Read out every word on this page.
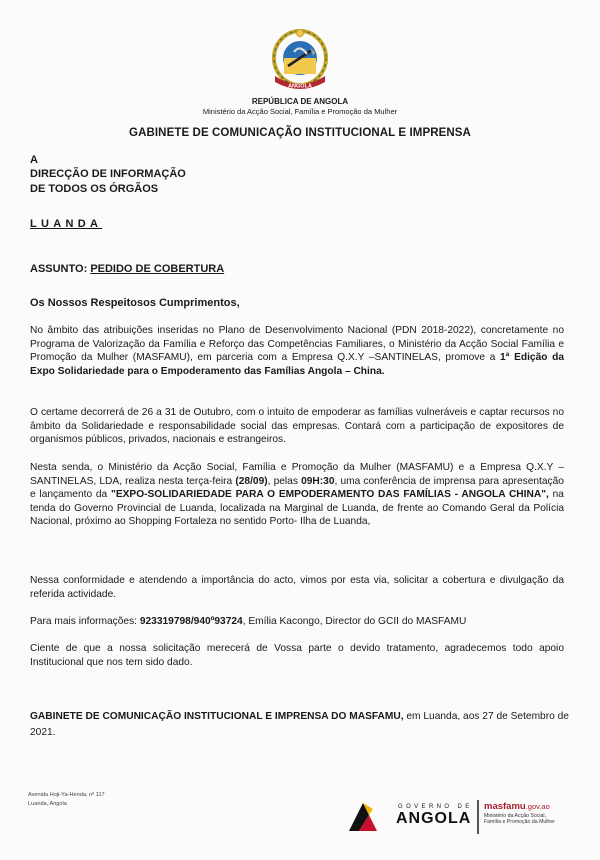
ANGOLA
REPÚBLICA DE ANGOLA
Ministério da Acção Social, Família e Promoção da Mulher
GABINETE DE COMUNICAÇÃO INSTITUCIONAL E IMPRENSA
A
DIRECÇÃO DE INFORMAÇÃO
DE TODOS OS ÓRGÃOS
LUANDA
ASSUNTO: PEDIDO DE COBERTURA
Os Nossos Respeitosos Cumprimentos,
No âmbito das atribuições inseridas no Plano de Desenvolvimento Nacional (PDN 2018-2022), concretamente no Programa de Valorização da Família e Reforço das Competências Familiares, o Ministério da Acção Social Família e Promoção da Mulher (MASFAMU), em parceria com a Empresa Q.X.Y –SANTINELAS, promove a 1ª Edição da Expo Solidariedade para o Empoderamento das Famílias Angola – China.
O certame decorrerá de 26 a 31 de Outubro, com o intuito de empoderar as famílias vulneráveis e captar recursos no âmbito da Solidariedade e responsabilidade social das empresas. Contará com a participação de expositores de organismos públicos, privados, nacionais e estrangeiros.
Nesta senda, o Ministério da Acção Social, Família e Promoção da Mulher (MASFAMU) e a Empresa Q.X.Y – SANTINELAS, LDA, realiza nesta terça-feira (28/09), pelas 09H:30, uma conferência de imprensa para apresentação e lançamento da "EXPO-SOLIDARIEDADE PARA O EMPODERAMENTO DAS FAMÍLIAS - ANGOLA CHINA", na tenda do Governo Provincial de Luanda, localizada na Marginal de Luanda, de frente ao Comando Geral da Polícia Nacional, próximo ao Shopping Fortaleza no sentido Porto- Ilha de Luanda,
Nessa conformidade e atendendo a importância do acto, vimos por esta via, solicitar a cobertura e divulgação da referida actividade.
Para mais informações: 923319798/940º93724, Emília Kacongo, Director do GCII do MASFAMU
Ciente de que a nossa solicitação merecerá de Vossa parte o devido tratamento, agradecemos todo apoio Institucional que nos tem sido dado.
GABINETE DE COMUNICAÇÃO INSTITUCIONAL E IMPRENSA DO MASFAMU, em Luanda, aos 27 de Setembro de 2021.
Avenida Hoji-Ya-Henda, nº 117
Luanda, Angola	GOVERNO DE
ANGOLA
masfamu.gov.ao
Ministério da Acção Social,
Família e Promoção da Mulher
